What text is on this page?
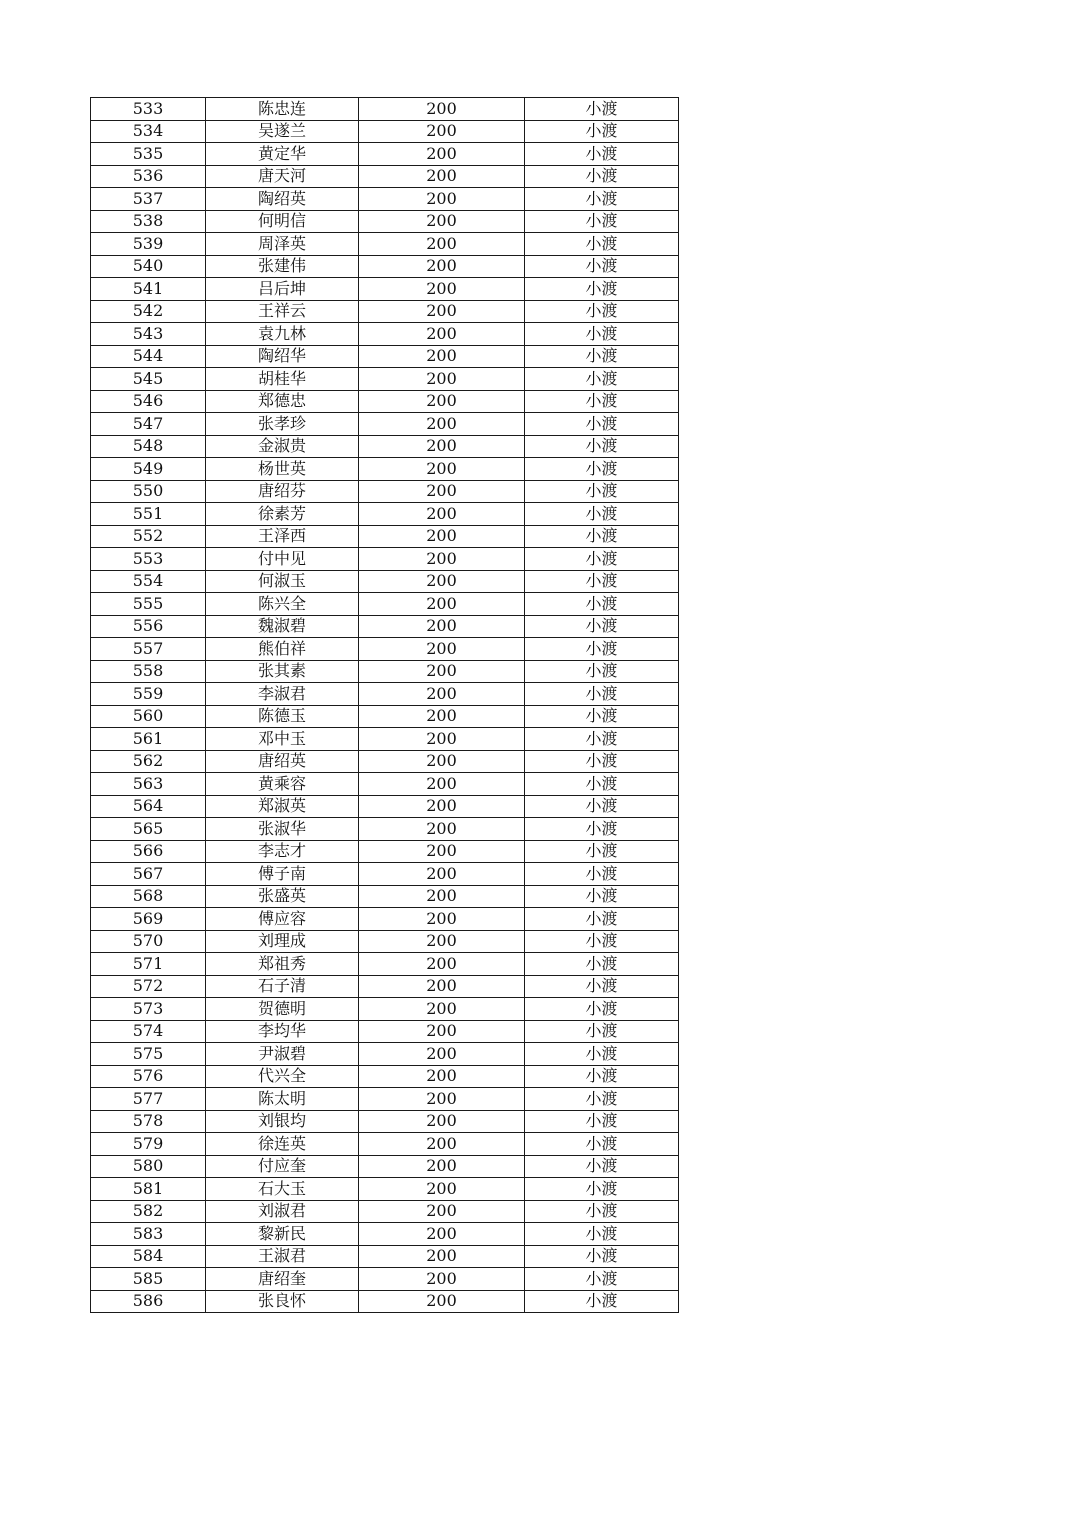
533	陈忠连	200	小渡
534	吴遂兰	200	小渡
535	黄定华	200	小渡
536	唐天河	200	小渡
537	陶绍英	200	小渡
538	何明信	200	小渡
539	周泽英	200	小渡
540	张建伟	200	小渡
541	吕后坤	200	小渡
542	王祥云	200	小渡
543	袁九林	200	小渡
544	陶绍华	200	小渡
545	胡桂华	200	小渡
546	郑德忠	200	小渡
547	张孝珍	200	小渡
548	金淑贵	200	小渡
549	杨世英	200	小渡
550	唐绍芬	200	小渡
551	徐素芳	200	小渡
552	王泽西	200	小渡
553	付中见	200	小渡
554	何淑玉	200	小渡
555	陈兴全	200	小渡
556	魏淑碧	200	小渡
557	熊伯祥	200	小渡
558	张其素	200	小渡
559	李淑君	200	小渡
560	陈德玉	200	小渡
561	邓中玉	200	小渡
562	唐绍英	200	小渡
563	黄乘容	200	小渡
564	郑淑英	200	小渡
565	张淑华	200	小渡
566	李志才	200	小渡
567	傅子南	200	小渡
568	张盛英	200	小渡
569	傅应容	200	小渡
570	刘理成	200	小渡
571	郑祖秀	200	小渡
572	石子清	200	小渡
573	贺德明	200	小渡
574	李均华	200	小渡
575	尹淑碧	200	小渡
576	代兴全	200	小渡
577	陈太明	200	小渡
578	刘银均	200	小渡
579	徐连英	200	小渡
580	付应奎	200	小渡
581	石大玉	200	小渡
582	刘淑君	200	小渡
583	黎新民	200	小渡
584	王淑君	200	小渡
585	唐绍奎	200	小渡
586	张良怀	200	小渡
